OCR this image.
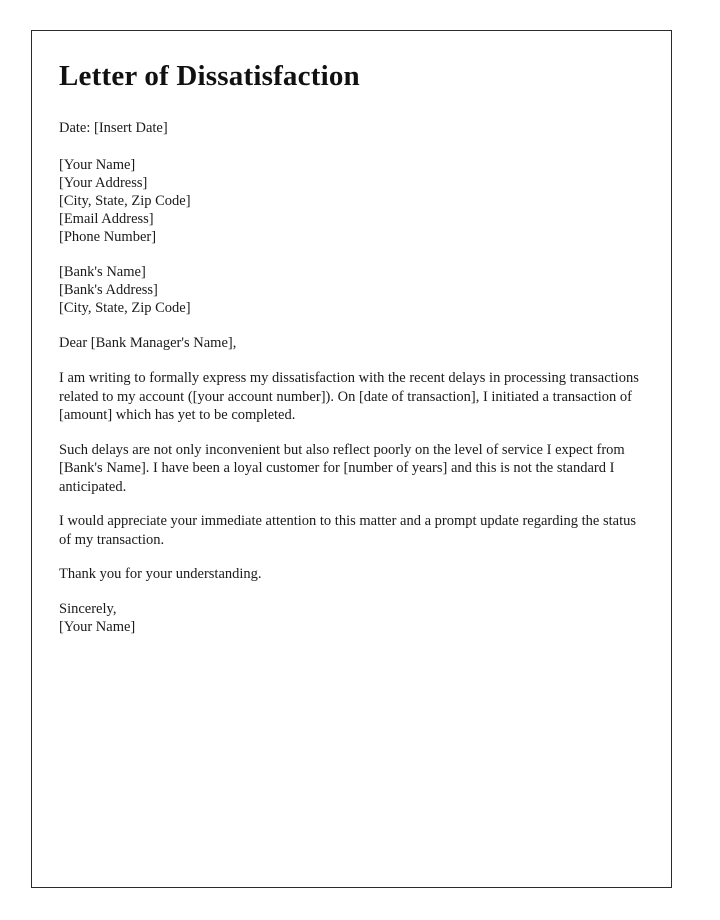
Letter of Dissatisfaction

Date: [Insert Date]

[Your Name]

[Your Address]

[City, State, Zip Code]

[Email Address]

[Phone Number]

[Bank's Name]

[Bank's Address]

[City, State, Zip Code]

Dear [Bank Manager's Name],

I am writing to formally express my dissatisfaction with the recent delays in processing transactions related to my account ([your account number]). On [date of transaction], I initiated a transaction of [amount] which has yet to be completed.

Such delays are not only inconvenient but also reflect poorly on the level of service I expect from [Bank's Name]. I have been a loyal customer for [number of years] and this is not the standard I anticipated.

I would appreciate your immediate attention to this matter and a prompt update regarding the status of my transaction.

Thank you for your understanding.

Sincerely,

[Your Name]
